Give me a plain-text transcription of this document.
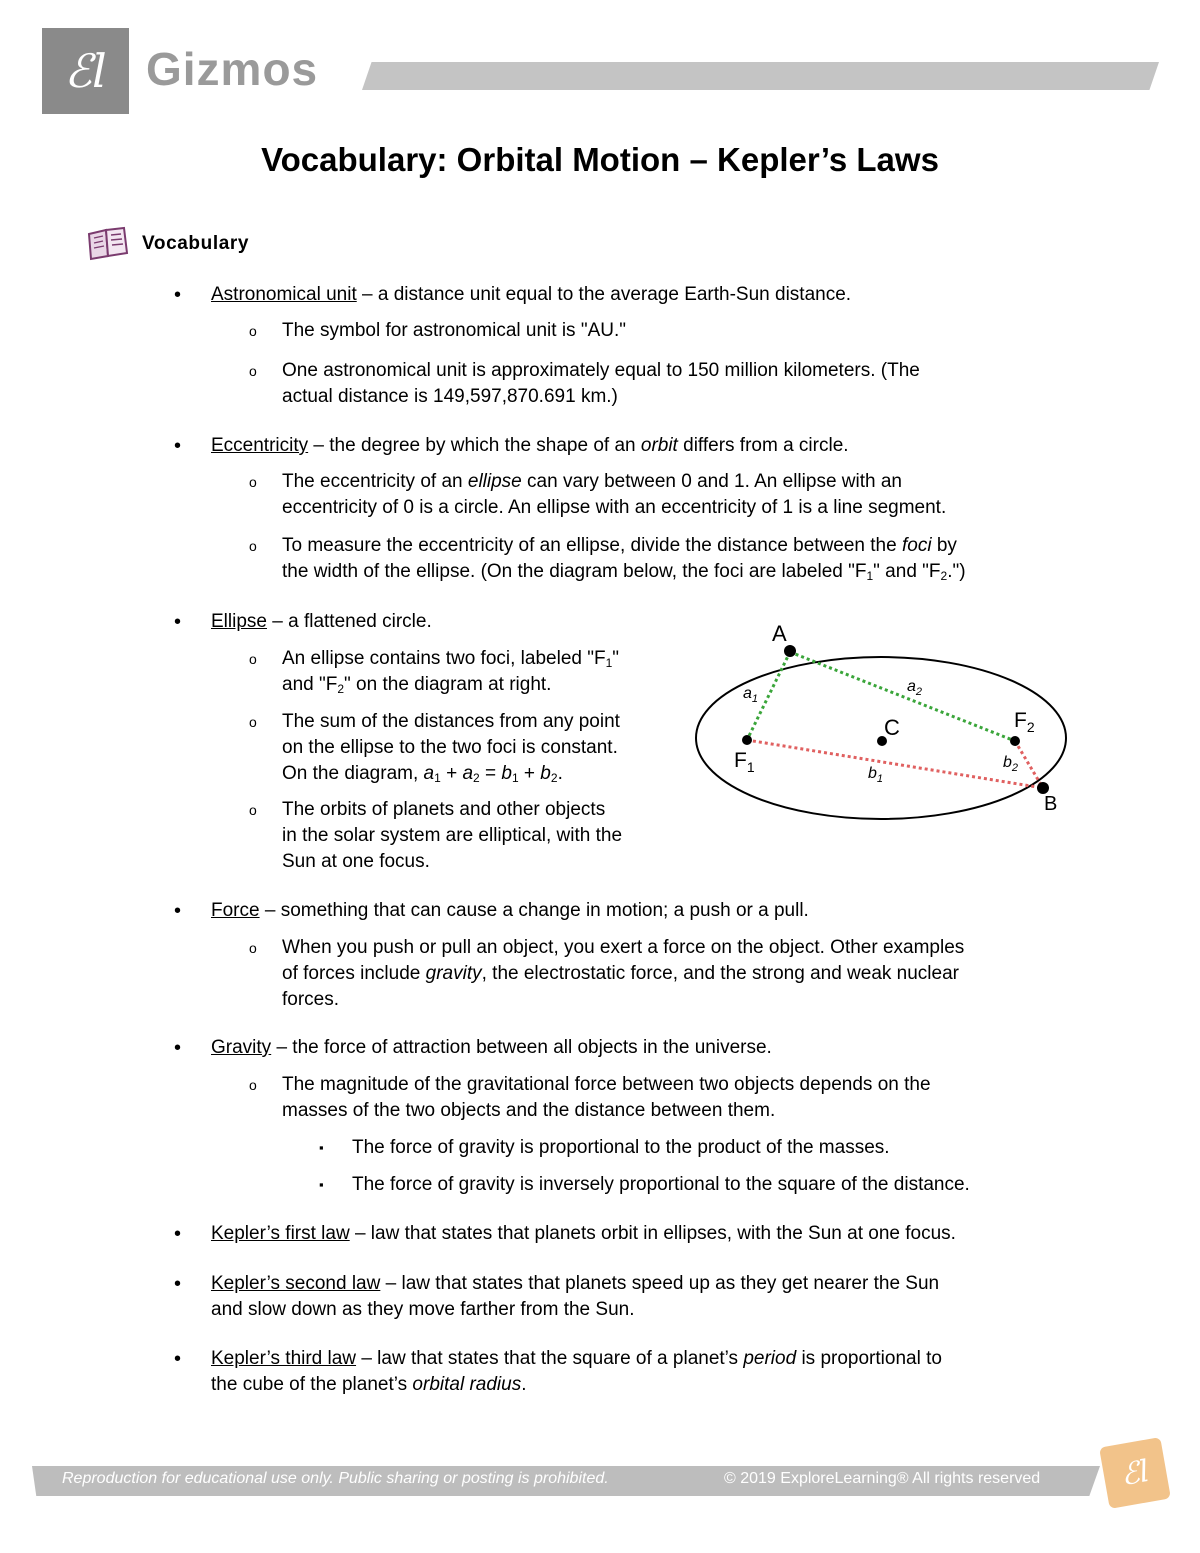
ℰl Gizmos
Vocabulary: Orbital Motion – Kepler’s Laws
Vocabulary
• Astronomical unit – a distance unit equal to the average Earth-Sun distance.
o The symbol for astronomical unit is "AU."
o One astronomical unit is approximately equal to 150 million kilometers. (The
actual distance is 149,597,870.691 km.)
• Eccentricity – the degree by which the shape of an orbit differs from a circle.
o The eccentricity of an ellipse can vary between 0 and 1. An ellipse with an
eccentricity of 0 is a circle. An ellipse with an eccentricity of 1 is a line segment.
o To measure the eccentricity of an ellipse, divide the distance between the foci by
the width of the ellipse. (On the diagram below, the foci are labeled "$F_1$" and "$F_2$.")
• Ellipse – a flattened circle.
o An ellipse contains two foci, labeled "$F_1$"
and "$F_2$" on the diagram at right.
o The sum of the distances from any point
on the ellipse to the two foci is constant.
On the diagram, $a_1 + a_2 = b_1 + b_2$.
o The orbits of planets and other objects
in the solar system are elliptical, with the
Sun at one focus.
A
C
B
$F_1$
$F_2$
$a_1$
$a_2$
$b_1$
$b_2$
• Force – something that can cause a change in motion; a push or a pull.
o When you push or pull an object, you exert a force on the object. Other examples
of forces include gravity, the electrostatic force, and the strong and weak nuclear
forces.
• Gravity – the force of attraction between all objects in the universe.
o The magnitude of the gravitational force between two objects depends on the
masses of the two objects and the distance between them.
▪ The force of gravity is proportional to the product of the masses.
▪ The force of gravity is inversely proportional to the square of the distance.
• Kepler’s first law – law that states that planets orbit in ellipses, with the Sun at one focus.
• Kepler’s second law – law that states that planets speed up as they get nearer the Sun
and slow down as they move farther from the Sun.
• Kepler’s third law – law that states that the square of a planet’s period is proportional to
the cube of the planet’s orbital radius.
Reproduction for educational use only. Public sharing or posting is prohibited.	© 2019 ExploreLearning® All rights reserved	ℰl
